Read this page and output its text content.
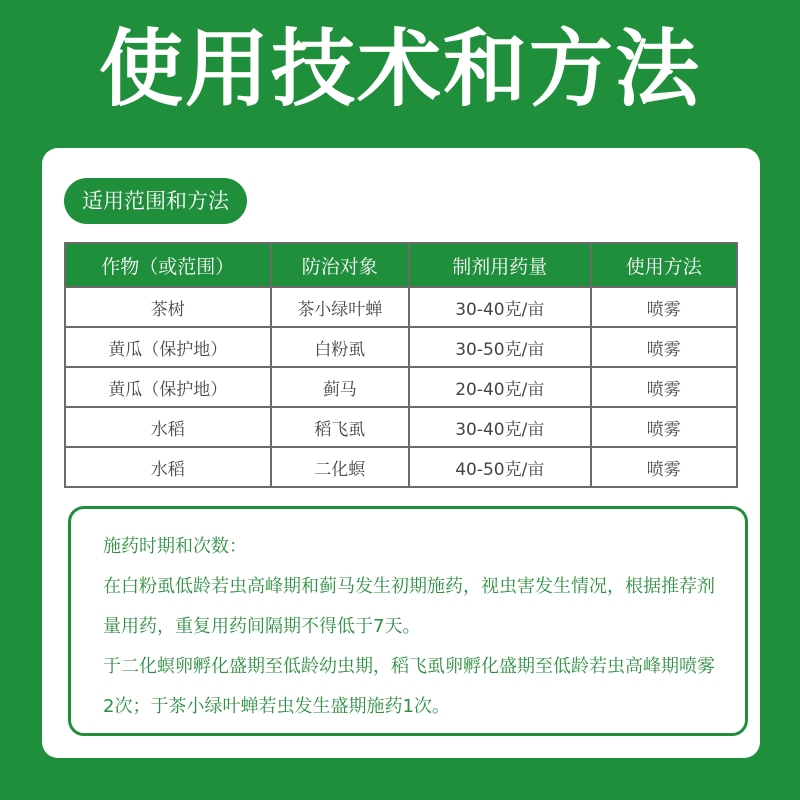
使用技术和方法
适用范围和方法
作物（或范围）	防治对象	制剂用药量	使用方法
茶树	茶小绿叶蝉	30-40克/亩	喷雾
黄瓜（保护地）	白粉虱	30-50克/亩	喷雾
黄瓜（保护地）	蓟马	20-40克/亩	喷雾
水稻	稻飞虱	30-40克/亩	喷雾
水稻	二化螟	40-50克/亩	喷雾

施药时期和次数：

在白粉虱低龄若虫高峰期和蓟马发生初期施药，视虫害发生情况，根据推荐剂量用药，重复用药间隔期不得低于7天。

于二化螟卵孵化盛期至低龄幼虫期，稻飞虱卵孵化盛期至低龄若虫高峰期喷雾2次；于茶小绿叶蝉若虫发生盛期施药1次。
